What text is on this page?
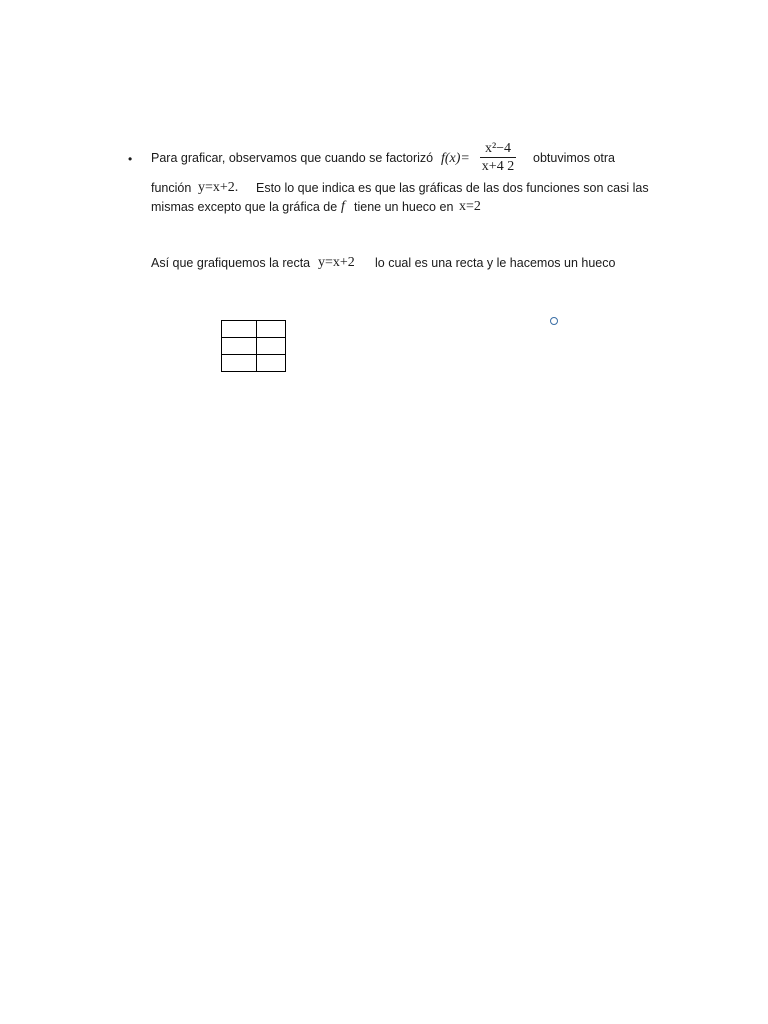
• Para graficar, observamos que cuando se factorizó f(x)=
x²−4
x+4 2
obtuvimos otra
función y=x+2. Esto lo que indica es que las gráficas de las dos funciones son casi las
mismas excepto que la gráfica de f tiene un hueco en x=2
Así que grafiquemos la recta y=x+2 lo cual es una recta y le hacemos un hueco
